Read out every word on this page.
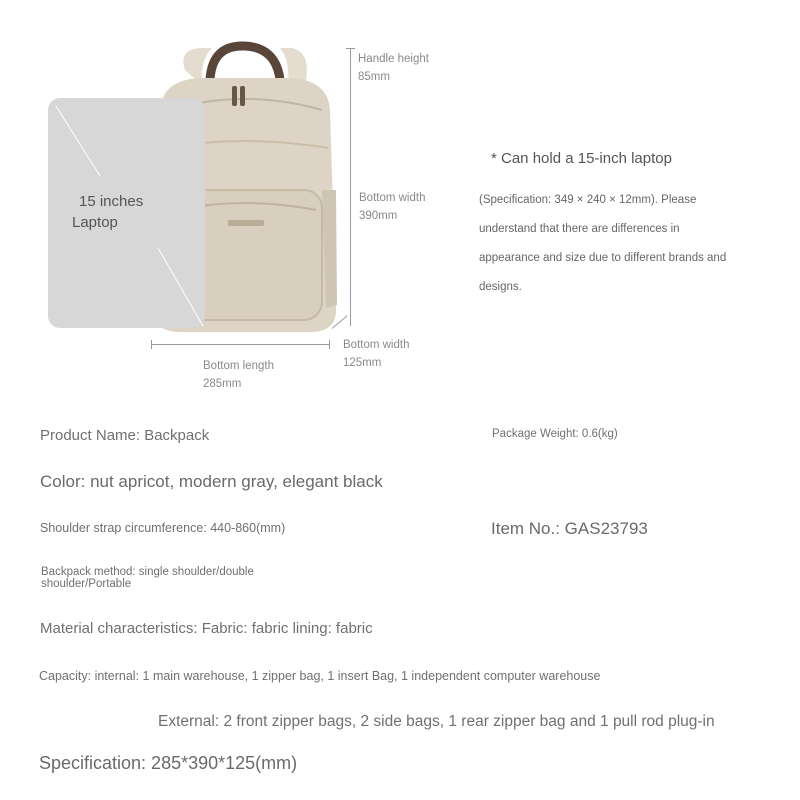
15 inches
Laptop
Handle height
85mm
Bottom width
390mm
Bottom width
125mm
Bottom length
285mm
* Can hold a 15-inch laptop
(Specification: 349 × 240 × 12mm). Please understand that there are differences in appearance and size due to different brands and designs.
Product Name: Backpack	Package Weight: 0.6(kg)
Color: nut apricot, modern gray, elegant black
Shoulder strap circumference: 440-860(mm)	Item No.: GAS23793
Backpack method: single shoulder/double shoulder/Portable
Material characteristics: Fabric: fabric lining: fabric
Capacity: internal: 1 main warehouse, 1 zipper bag, 1 insert Bag, 1 independent computer warehouse
External: 2 front zipper bags, 2 side bags, 1 rear zipper bag and 1 pull rod plug-in
Specification: 285*390*125(mm)
